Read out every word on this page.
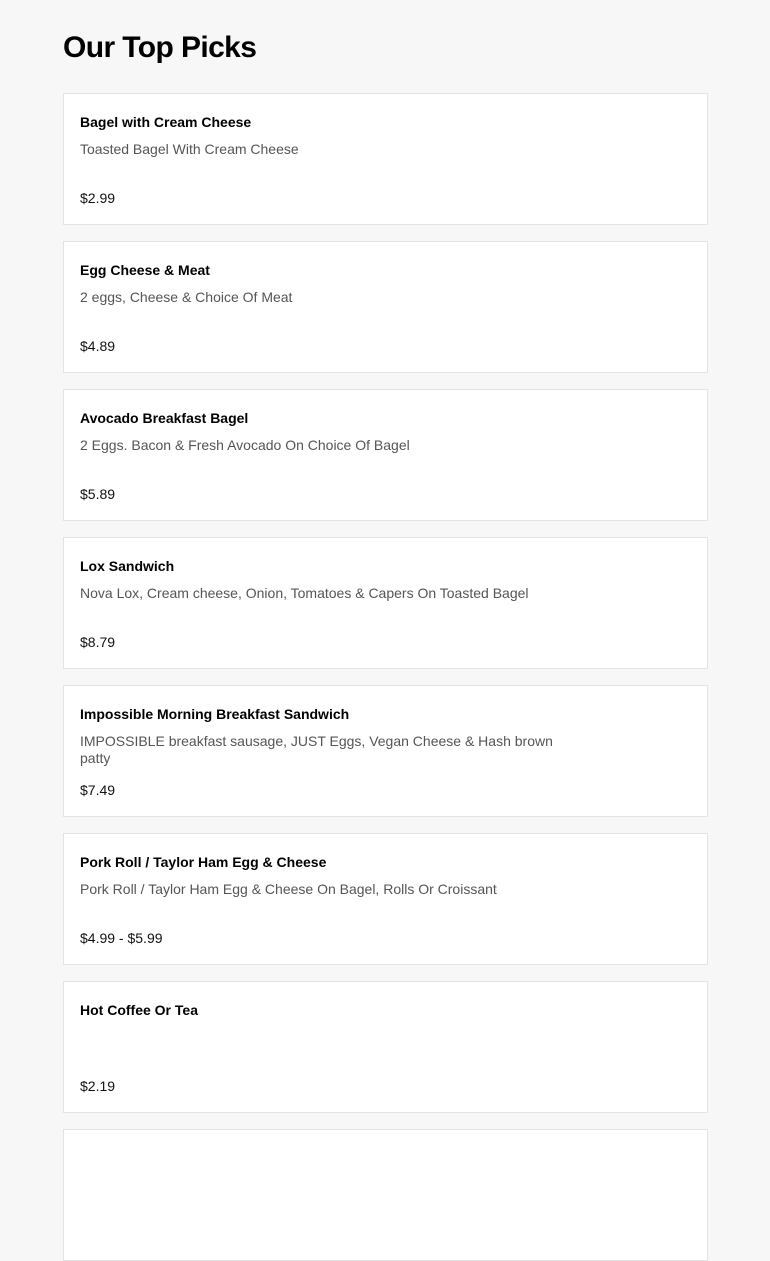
Our Top Picks
Bagel with Cream Cheese
Toasted Bagel With Cream Cheese
$2.99
Egg Cheese & Meat
2 eggs, Cheese & Choice Of Meat
$4.89
Avocado Breakfast Bagel
2 Eggs. Bacon & Fresh Avocado On Choice Of Bagel
$5.89
Lox Sandwich
Nova Lox, Cream cheese, Onion, Tomatoes & Capers On Toasted Bagel
$8.79
Impossible Morning Breakfast Sandwich
IMPOSSIBLE breakfast sausage, JUST Eggs, Vegan Cheese & Hash brown patty
$7.49
Pork Roll / Taylor Ham Egg & Cheese
Pork Roll / Taylor Ham Egg & Cheese On Bagel, Rolls Or Croissant
$4.99 - $5.99
Hot Coffee Or Tea
$2.19
